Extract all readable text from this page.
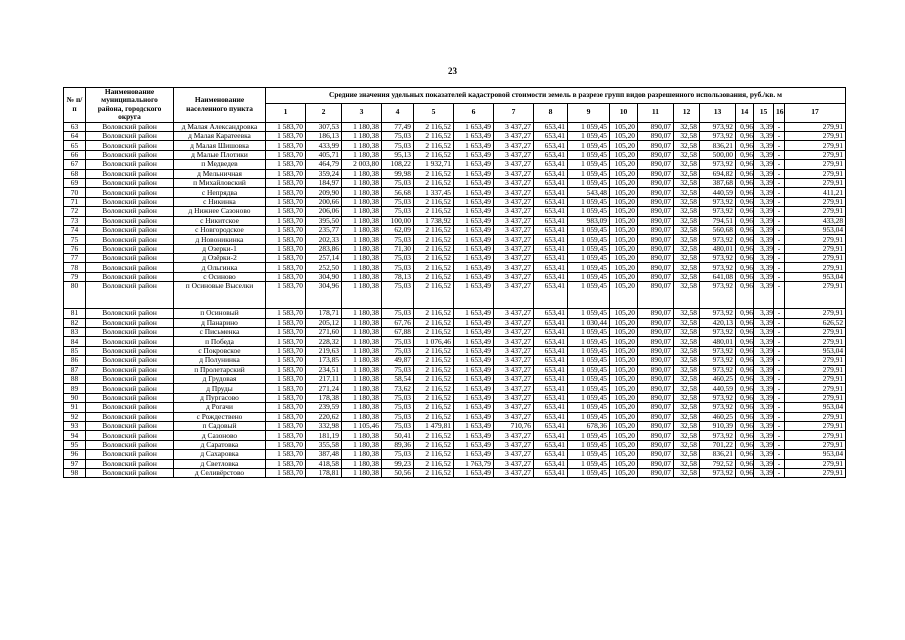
23
№ п/п	Наименование муниципального района, городского округа	Наименование населенного пункта	Средние значения удельных показателей кадастровой стоимости земель в разрезе групп видов разрешенного использования, руб./кв. м																
			1	2	3	4	5	6	7	8	9	10	11	12	13	14	15	16	17
63	Воловский район	д Малая Александровка	1 583,70	307,53	1 180,38	77,49	2 116,52	1 653,49	3 437,27	653,41	1 059,45	105,20	890,07	32,58	973,92	0,96	3,39	-	279,91
64	Воловский район	д Малая Каратеевка	1 583,70	186,13	1 180,38	75,03	2 116,52	1 653,49	3 437,27	653,41	1 059,45	105,20	890,07	32,58	973,92	0,96	3,39	-	279,91
65	Воловский район	д Малая Шишовка	1 583,70	433,99	1 180,38	75,03	2 116,52	1 653,49	3 437,27	653,41	1 059,45	105,20	890,07	32,58	836,21	0,96	3,39	-	279,91
66	Воловский район	д Малые Плотики	1 583,70	405,71	1 180,38	95,13	2 116,52	1 653,49	3 437,27	653,41	1 059,45	105,20	890,07	32,58	500,00	0,96	3,39	-	279,91
67	Воловский район	п Медведев	1 583,70	464,79	2 003,80	108,22	1 932,71	1 653,49	3 437,27	653,41	1 059,45	105,20	890,07	32,58	973,92	0,96	3,39	-	279,91
68	Воловский район	д Мельничная	1 583,70	359,24	1 180,38	99,98	2 116,52	1 653,49	3 437,27	653,41	1 059,45	105,20	890,07	32,58	694,82	0,96	3,39	-	279,91
69	Воловский район	п Михайловский	1 583,70	184,97	1 180,38	75,03	2 116,52	1 653,49	3 437,27	653,41	1 059,45	105,20	890,07	32,58	387,68	0,96	3,39	-	279,91
70	Воловский район	с Непрядва	1 583,70	209,90	1 180,38	56,68	1 337,45	1 653,49	3 437,27	653,41	543,48	105,20	890,07	32,58	440,59	0,96	3,39	-	411,21
71	Воловский район	с Никинка	1 583,70	200,66	1 180,38	75,03	2 116,52	1 653,49	3 437,27	653,41	1 059,45	105,20	890,07	32,58	973,92	0,96	3,39	-	279,91
72	Воловский район	д Нижнее Сазоново	1 583,70	206,06	1 180,38	75,03	2 116,52	1 653,49	3 437,27	653,41	1 059,45	105,20	890,07	32,58	973,92	0,96	3,39	-	279,91
73	Воловский район	с Никитское	1 583,70	395,50	1 180,38	100,00	1 738,92	1 653,49	3 437,27	653,41	983,09	105,20	890,07	32,58	794,51	0,96	3,39	-	433,28
74	Воловский район	с Новгородское	1 583,70	235,77	1 180,38	62,09	2 116,52	1 653,49	3 437,27	653,41	1 059,45	105,20	890,07	32,58	560,68	0,96	3,39	-	953,04
75	Воловский район	д Новоникинка	1 583,70	202,33	1 180,38	75,03	2 116,52	1 653,49	3 437,27	653,41	1 059,45	105,20	890,07	32,58	973,92	0,96	3,39	-	279,91
76	Воловский район	д Озерки-1	1 583,70	283,86	1 180,38	71,30	2 116,52	1 653,49	3 437,27	653,41	1 059,45	105,20	890,07	32,58	480,01	0,96	3,39	-	279,91
77	Воловский район	д Озёрки-2	1 583,70	257,14	1 180,38	75,03	2 116,52	1 653,49	3 437,27	653,41	1 059,45	105,20	890,07	32,58	973,92	0,96	3,39	-	279,91
78	Воловский район	д Ольгинка	1 583,70	252,50	1 180,38	75,03	2 116,52	1 653,49	3 437,27	653,41	1 059,45	105,20	890,07	32,58	973,92	0,96	3,39	-	279,91
79	Воловский район	с Осиново	1 583,70	304,90	1 180,38	78,13	2 116,52	1 653,49	3 437,27	653,41	1 059,45	105,20	890,07	32,58	641,08	0,96	3,39	-	953,04
80	Воловский район	п Осиновые Выселки	1 583,70	304,96	1 180,38	75,03	2 116,52	1 653,49	3 437,27	653,41	1 059,45	105,20	890,07	32,58	973,92	0,96	3,39	-	279,91
81	Воловский район	п Осиновый	1 583,70	178,71	1 180,38	75,03	2 116,52	1 653,49	3 437,27	653,41	1 059,45	105,20	890,07	32,58	973,92	0,96	3,39	-	279,91
82	Воловский район	д Панарино	1 583,70	205,12	1 180,38	67,76	2 116,52	1 653,49	3 437,27	653,41	1 030,44	105,20	890,07	32,58	420,13	0,96	3,39	-	626,52
83	Воловский район	с Письменка	1 583,70	271,60	1 180,38	67,88	2 116,52	1 653,49	3 437,27	653,41	1 059,45	105,20	890,07	32,58	973,92	0,96	3,39	-	279,91
84	Воловский район	п Победа	1 583,70	228,32	1 180,38	75,03	1 076,46	1 653,49	3 437,27	653,41	1 059,45	105,20	890,07	32,58	480,01	0,96	3,39	-	279,91
85	Воловский район	с Покровское	1 583,70	219,63	1 180,38	75,03	2 116,52	1 653,49	3 437,27	653,41	1 059,45	105,20	890,07	32,58	973,92	0,96	3,39	-	953,04
86	Воловский район	д Полунинка	1 583,70	173,85	1 180,38	49,87	2 116,52	1 653,49	3 437,27	653,41	1 059,45	105,20	890,07	32,58	973,92	0,96	3,39	-	279,91
87	Воловский район	п Пролетарский	1 583,70	234,51	1 180,38	75,03	2 116,52	1 653,49	3 437,27	653,41	1 059,45	105,20	890,07	32,58	973,92	0,96	3,39	-	279,91
88	Воловский район	д Грудовая	1 583,70	217,11	1 180,38	58,54	2 116,52	1 653,49	3 437,27	653,41	1 059,45	105,20	890,07	32,58	460,25	0,96	3,39	-	279,91
89	Воловский район	д Пруды	1 583,70	271,24	1 180,38	73,62	2 116,52	1 653,49	3 437,27	653,41	1 059,45	105,20	890,07	32,58	440,59	0,96	3,39	-	279,91
90	Воловский район	д Пургасово	1 583,70	178,38	1 180,38	75,03	2 116,52	1 653,49	3 437,27	653,41	1 059,45	105,20	890,07	32,58	973,92	0,96	3,39	-	279,91
91	Воловский район	д Рогачи	1 583,70	239,59	1 180,38	75,03	2 116,52	1 653,49	3 437,27	653,41	1 059,45	105,20	890,07	32,58	973,92	0,96	3,39	-	953,04
92	Воловский район	с Рождествено	1 583,70	220,62	1 180,38	75,03	2 116,52	1 653,49	3 437,27	653,41	1 059,45	105,20	890,07	32,58	460,25	0,96	3,39	-	279,91
93	Воловский район	п Садовый	1 583,70	332,98	1 105,46	75,03	1 479,81	1 653,49	710,76	653,41	678,36	105,20	890,07	32,58	910,39	0,96	3,39	-	279,91
94	Воловский район	д Сазоново	1 583,70	181,19	1 180,38	50,41	2 116,52	1 653,49	3 437,27	653,41	1 059,45	105,20	890,07	32,58	973,92	0,96	3,39	-	279,91
95	Воловский район	д Саратовка	1 583,70	355,58	1 180,38	89,36	2 116,52	1 653,49	3 437,27	653,41	1 059,45	105,20	890,07	32,58	701,22	0,96	3,39	-	279,91
96	Воловский район	д Сахаровка	1 583,70	387,48	1 180,38	75,03	2 116,52	1 653,49	3 437,27	653,41	1 059,45	105,20	890,07	32,58	836,21	0,96	3,39	-	953,04
97	Воловский район	д Светловка	1 583,70	418,58	1 180,38	99,23	2 116,52	1 763,79	3 437,27	653,41	1 059,45	105,20	890,07	32,58	792,52	0,96	3,39	-	279,91
98	Воловский район	д Селивёрстово	1 583,70	178,81	1 180,38	50,56	2 116,52	1 653,49	3 437,27	653,41	1 059,45	105,20	890,07	32,58	973,92	0,96	3,39	-	279,91
